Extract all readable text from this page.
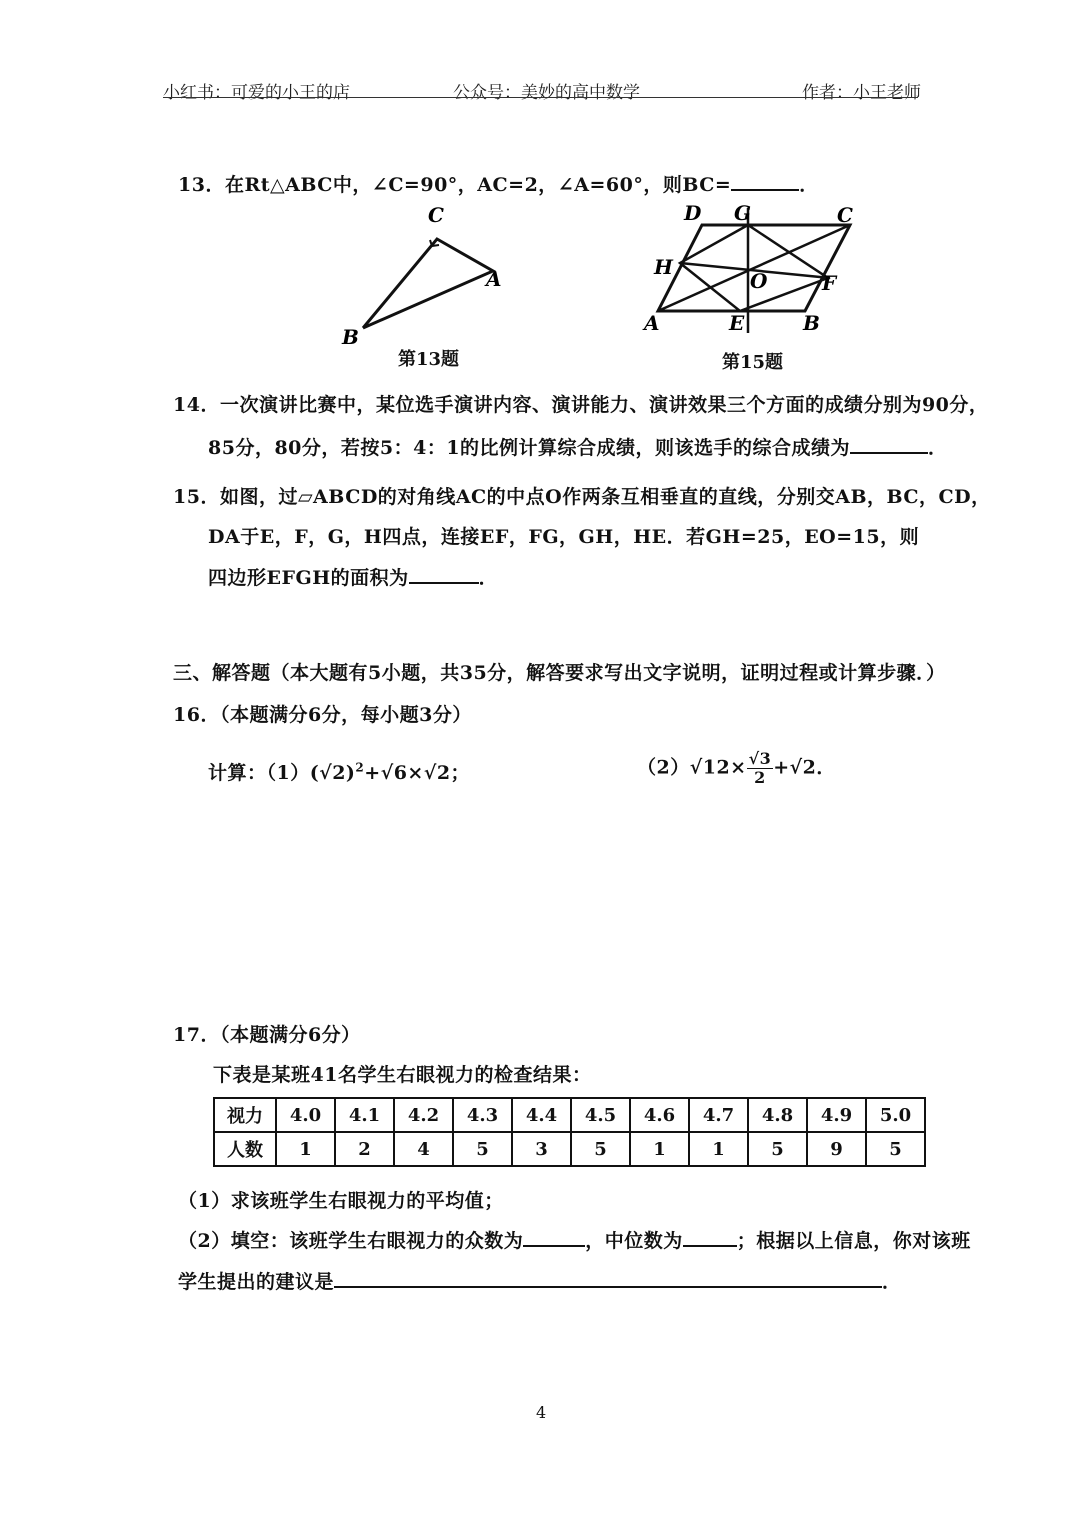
小红书：可爱的小王的店	公众号：美妙的高中数学	作者：小王老师
13．在Rt△ABC中，∠C=90°，AC=2，∠A=60°，则BC=	．
C
A
B
第13题
D G	C
H
O	F
A	E	B
第15题
14．一次演讲比赛中，某位选手演讲内容、演讲能力、演讲效果三个方面的成绩分别为90分，
85分，80分，若按5：4：1的比例计算综合成绩，则该选手的综合成绩为	．
15．如图，过▱ABCD的对角线AC的中点O作两条互相垂直的直线，分别交AB，BC，CD，
DA于E，F，G，H四点，连接EF，FG，GH，HE．若GH=25，EO=15，则
四边形EFGH的面积为	．
三、解答题（本大题有5小题，共35分，解答要求写出文字说明，证明过程或计算步骤．）
16．（本题满分6分，每小题3分）
计算：$(1)(√2)^2+√6\times√2$；	$(2)√12\times \frac{√3}{2} +√2$．
17．（本题满分6分）
下表是某班41名学生右眼视力的检查结果：
视力	4.0	4.1	4.2	4.3	4.4	4.5	4.6	4.7	4.8	4.9	5.0
人数	1	2	4	5	3	5	1	1	5	9	5
（1）求该班学生右眼视力的平均值；
（2）填空：该班学生右眼视力的众数为	，中位数为	；根据以上信息，你对该班
学生提出的建议是	．
4
